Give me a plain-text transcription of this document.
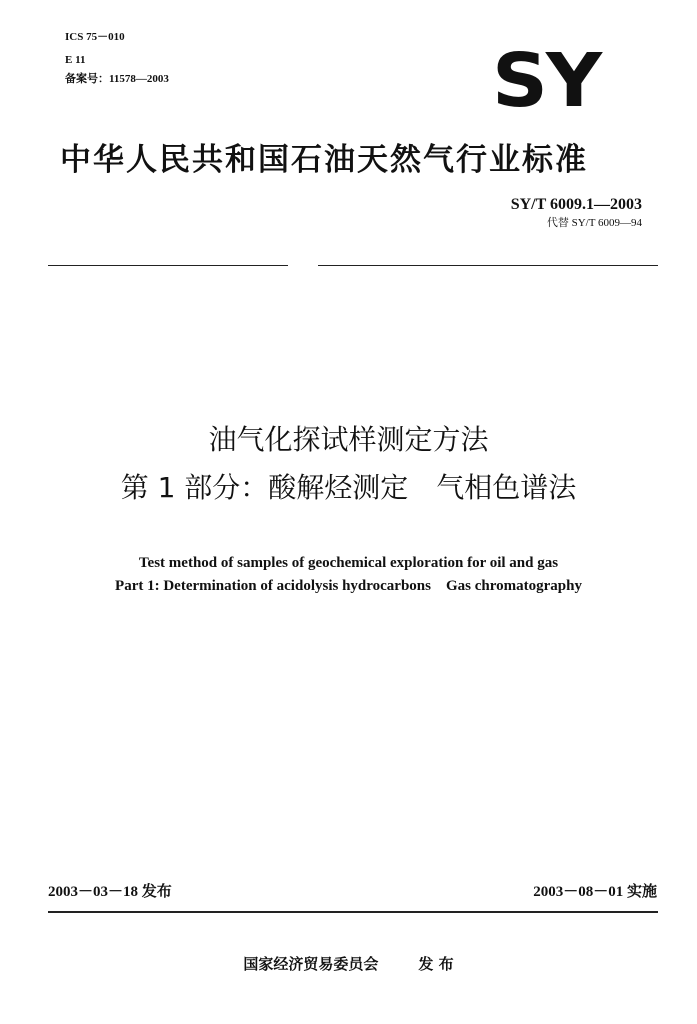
ICS 75－010
E 11
备案号：11578—2003	SY
中华人民共和国石油天然气行业标准
SY/T 6009.1—2003
代替 SY/T 6009—94
油气化探试样测定方法
第 1 部分：酸解烃测定　气相色谱法
Test method of samples of geochemical exploration for oil and gas
Part 1: Determination of acidolysis hydrocarbons　Gas chromatography
2003－03－18 发布	2003－08－01 实施
国家经济贸易委员会	发 布
